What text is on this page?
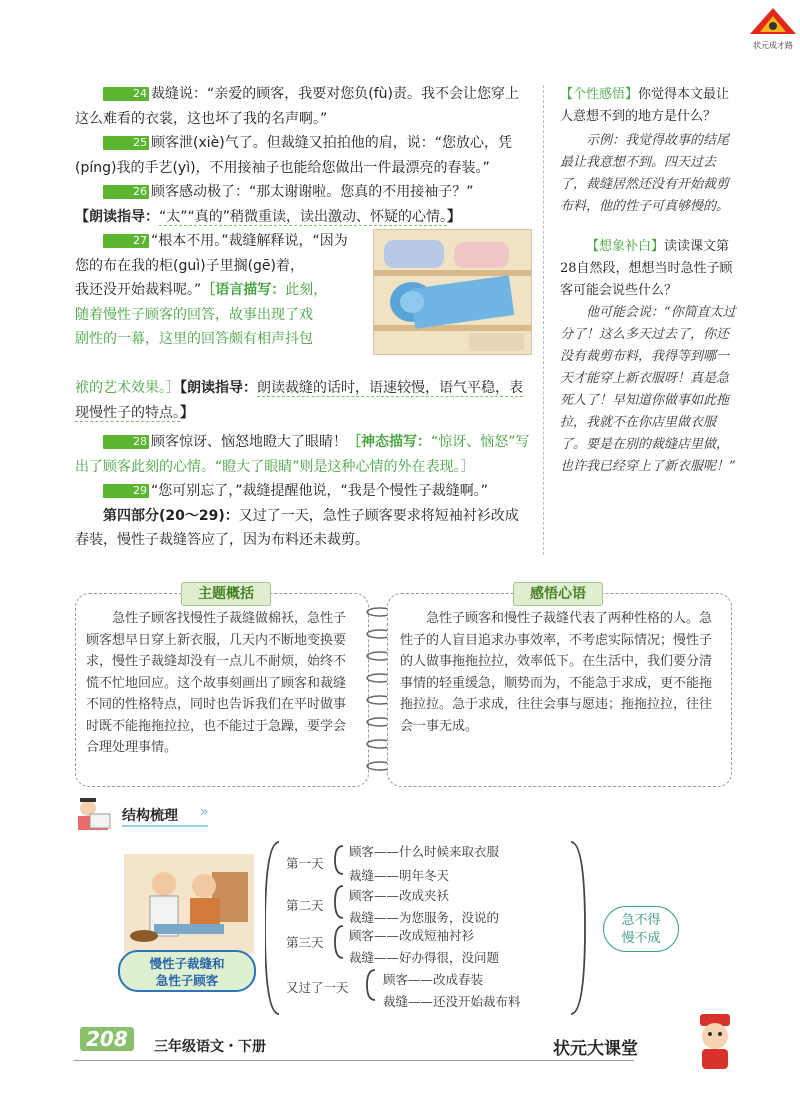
状元成才路

24 裁缝说：“亲爱的顾客，我要对您负(fù)责。我不会让您穿上这么难看的衣裳，这也坏了我的名声啊。”

25 顾客泄(xiè)气了。但裁缝又拍拍他的肩，说：“您放心，凭(píng)我的手艺(yì)，不用接袖子也能给您做出一件最漂亮的春装。”

26 顾客感动极了：“那太谢谢啦。您真的不用接袖子？”

【朗读指导：“太”“真的”稍微重读，读出激动、怀疑的心情。】

27 “根本不用。”裁缝解释说，“因为

您的布在我的柜(guì)子里搁(gē)着，
我还没开始裁料呢。”［语言描写：此刻，
随着慢性子顾客的回答，故事出现了戏
剧性的一幕，这里的回答颇有相声抖包
袱的艺术效果。］【朗读指导：朗读裁缝的话时，语速较慢，语气平稳，表现慢性子的特点。】

28 顾客惊讶、恼怒地瞪大了眼睛！［神态描写：“惊讶、恼怒”写出了顾客此刻的心情。“瞪大了眼睛”则是这种心情的外在表现。］

29 “您可别忘了，”裁缝提醒他说，“我是个慢性子裁缝啊。”

第四部分(20～29)：又过了一天，急性子顾客要求将短袖衬衫改成春装，慢性子裁缝答应了，因为布料还未裁剪。

【个性感悟】你觉得本文最让人意想不到的地方是什么？

示例：我觉得故事的结尾最让我意想不到。四天过去了，裁缝居然还没有开始裁剪布料，他的性子可真够慢的。

【想象补白】读读课文第28自然段，想想当时急性子顾客可能会说些什么？

他可能会说：“你简直太过分了！这么多天过去了，你还没有裁剪布料，我得等到哪一天才能穿上新衣服呀！真是急死人了！早知道你做事如此拖拉，我就不在你店里做衣服了。要是在别的裁缝店里做，也许我已经穿上了新衣服呢！”

主题概括
急性子顾客找慢性子裁缝做棉袄，急性子顾客想早日穿上新衣服，几天内不断地变换要求，慢性子裁缝却没有一点儿不耐烦，始终不慌不忙地回应。这个故事刻画出了顾客和裁缝不同的性格特点，同时也告诉我们在平时做事时既不能拖拖拉拉，也不能过于急躁，要学会合理处理事情。
感悟心语
急性子顾客和慢性子裁缝代表了两种性格的人。急性子的人盲目追求办事效率，不考虑实际情况；慢性子的人做事拖拖拉拉，效率低下。在生活中，我们要分清事情的轻重缓急，顺势而为，不能急于求成，更不能拖拖拉拉。急于求成，往往会事与愿违；拖拖拉拉，往往会一事无成。
结构梳理	»
慢性子裁缝和
急性子顾客
第一天
第二天
第三天
又过了一天
顾客——什么时候来取衣服
裁缝——明年冬天
顾客——改成夹袄
裁缝——为您服务，没说的
顾客——改成短袖衬衫
裁缝——好办得很，没问题
顾客——改成春装
裁缝——还没开始裁布料
急不得
慢不成
208	三年级语文・下册	状元大课堂
